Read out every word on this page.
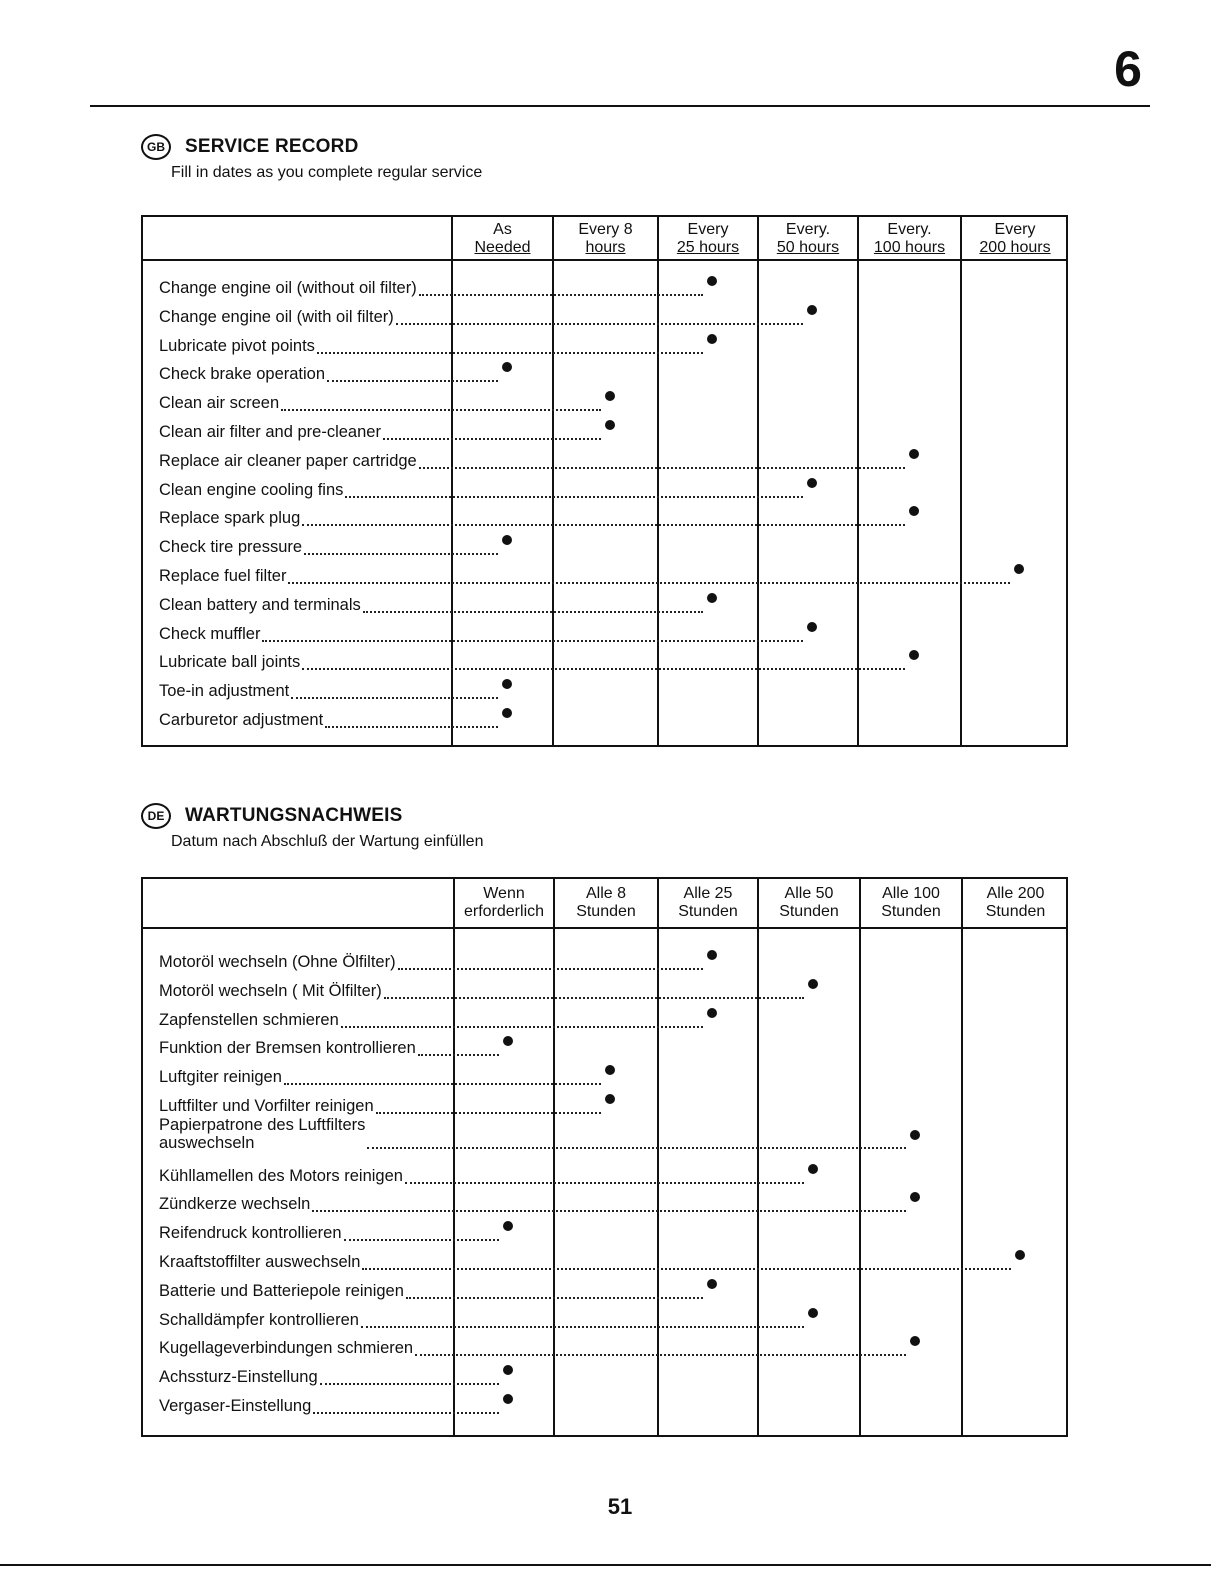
6
GB SERVICE RECORD
Fill in dates as you complete regular service
As
Needed
Every 8
hours
Every
25 hours
Every.
50 hours
Every.
100 hours
Every
200 hours
Change engine oil (without oil filter)
Change engine oil (with oil filter)
Lubricate pivot points
Check brake operation
Clean air screen
Clean air filter and pre-cleaner
Replace air cleaner paper cartridge
Clean engine cooling fins
Replace spark plug
Check tire pressure
Replace fuel filter
Clean battery and terminals
Check muffler
Lubricate ball joints
Toe-in adjustment
Carburetor adjustment
DE WARTUNGSNACHWEIS
Datum nach Abschluß der Wartung einfüllen
Wenn
erforderlich
Alle 8
Stunden
Alle 25
Stunden
Alle 50
Stunden
Alle 100
Stunden
Alle 200
Stunden
Motoröl wechseln (Ohne Ölfilter)
Motoröl wechseln ( Mit Ölfilter)
Zapfenstellen schmieren
Funktion der Bremsen kontrollieren
Luftgiter reinigen
Luftfilter und Vorfilter reinigen
Papierpatrone des Luftfilters
auswechseln
Kühllamellen des Motors reinigen
Zündkerze wechseln
Reifendruck kontrollieren
Kraaftstoffilter auswechseln
Batterie und Batteriepole reinigen
Schalldämpfer kontrollieren
Kugellageverbindungen schmieren
Achssturz-Einstellung
Vergaser-Einstellung
51
